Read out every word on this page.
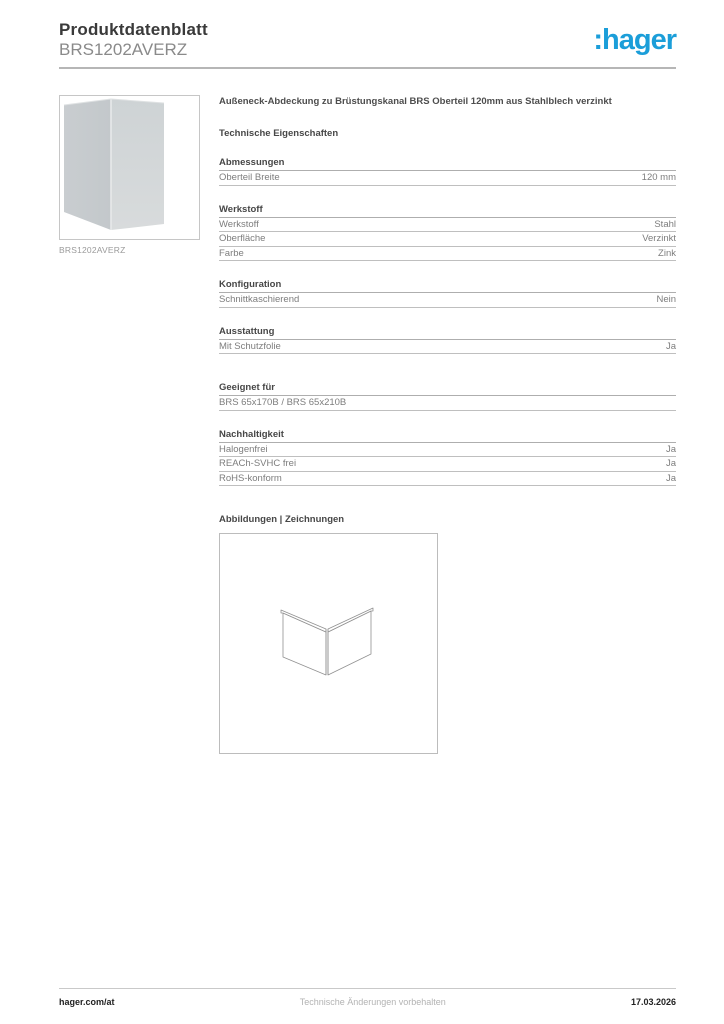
Produktdatenblatt
BRS1202AVERZ	:hager
BRS1202AVERZ

Außeneck-Abdeckung zu Brüstungskanal BRS Oberteil 120mm aus Stahlblech verzinkt

Technische Eigenschaften
Abmessungen
Oberteil Breite	120 mm
Werkstoff
Werkstoff	Stahl
Oberfläche	Verzinkt
Farbe	Zink
Konfiguration
Schnittkaschierend	Nein
Ausstattung
Mit Schutzfolie	Ja
Geeignet für
BRS 65x170B / BRS 65x210B
Nachhaltigkeit
Halogenfrei	Ja
REACh-SVHC frei	Ja
RoHS-konform	Ja
Abbildungen | Zeichnungen
hager.com/at	Technische Änderungen vorbehalten	17.03.2026
